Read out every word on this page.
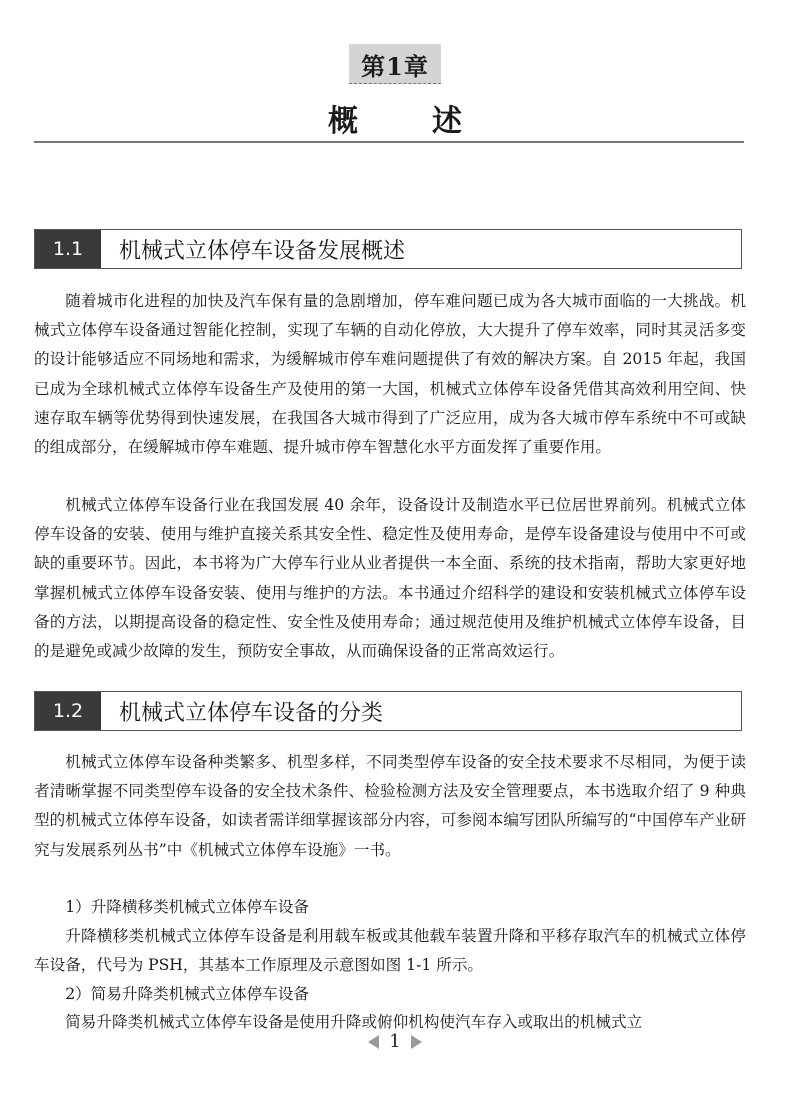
第1章
概 述
1.1	机械式立体停车设备发展概述

随着城市化进程的加快及汽车保有量的急剧增加，停车难问题已成为各大城市面临的一大挑战。机械式立体停车设备通过智能化控制，实现了车辆的自动化停放，大大提升了停车效率，同时其灵活多变的设计能够适应不同场地和需求，为缓解城市停车难问题提供了有效的解决方案。自 2015 年起，我国已成为全球机械式立体停车设备生产及使用的第一大国，机械式立体停车设备凭借其高效利用空间、快速存取车辆等优势得到快速发展，在我国各大城市得到了广泛应用，成为各大城市停车系统中不可或缺的组成部分，在缓解城市停车难题、提升城市停车智慧化水平方面发挥了重要作用。

机械式立体停车设备行业在我国发展 40 余年，设备设计及制造水平已位居世界前列。机械式立体停车设备的安装、使用与维护直接关系其安全性、稳定性及使用寿命，是停车设备建设与使用中不可或缺的重要环节。因此，本书将为广大停车行业从业者提供一本全面、系统的技术指南，帮助大家更好地掌握机械式立体停车设备安装、使用与维护的方法。本书通过介绍科学的建设和安装机械式立体停车设备的方法，以期提高设备的稳定性、安全性及使用寿命；通过规范使用及维护机械式立体停车设备，目的是避免或减少故障的发生，预防安全事故，从而确保设备的正常高效运行。

1.2	机械式立体停车设备的分类

机械式立体停车设备种类繁多、机型多样，不同类型停车设备的安全技术要求不尽相同，为便于读者清晰掌握不同类型停车设备的安全技术条件、检验检测方法及安全管理要点，本书选取介绍了 9 种典型的机械式立体停车设备，如读者需详细掌握该部分内容，可参阅本编写团队所编写的“中国停车产业研究与发展系列丛书”中《机械式立体停车设施》一书。

1）升降横移类机械式立体停车设备

升降横移类机械式立体停车设备是利用载车板或其他载车装置升降和平移存取汽车的机械式立体停车设备，代号为 PSH，其基本工作原理及示意图如图 1-1 所示。

2）简易升降类机械式立体停车设备

简易升降类机械式立体停车设备是使用升降或俯仰机构使汽车存入或取出的机械式立

1
